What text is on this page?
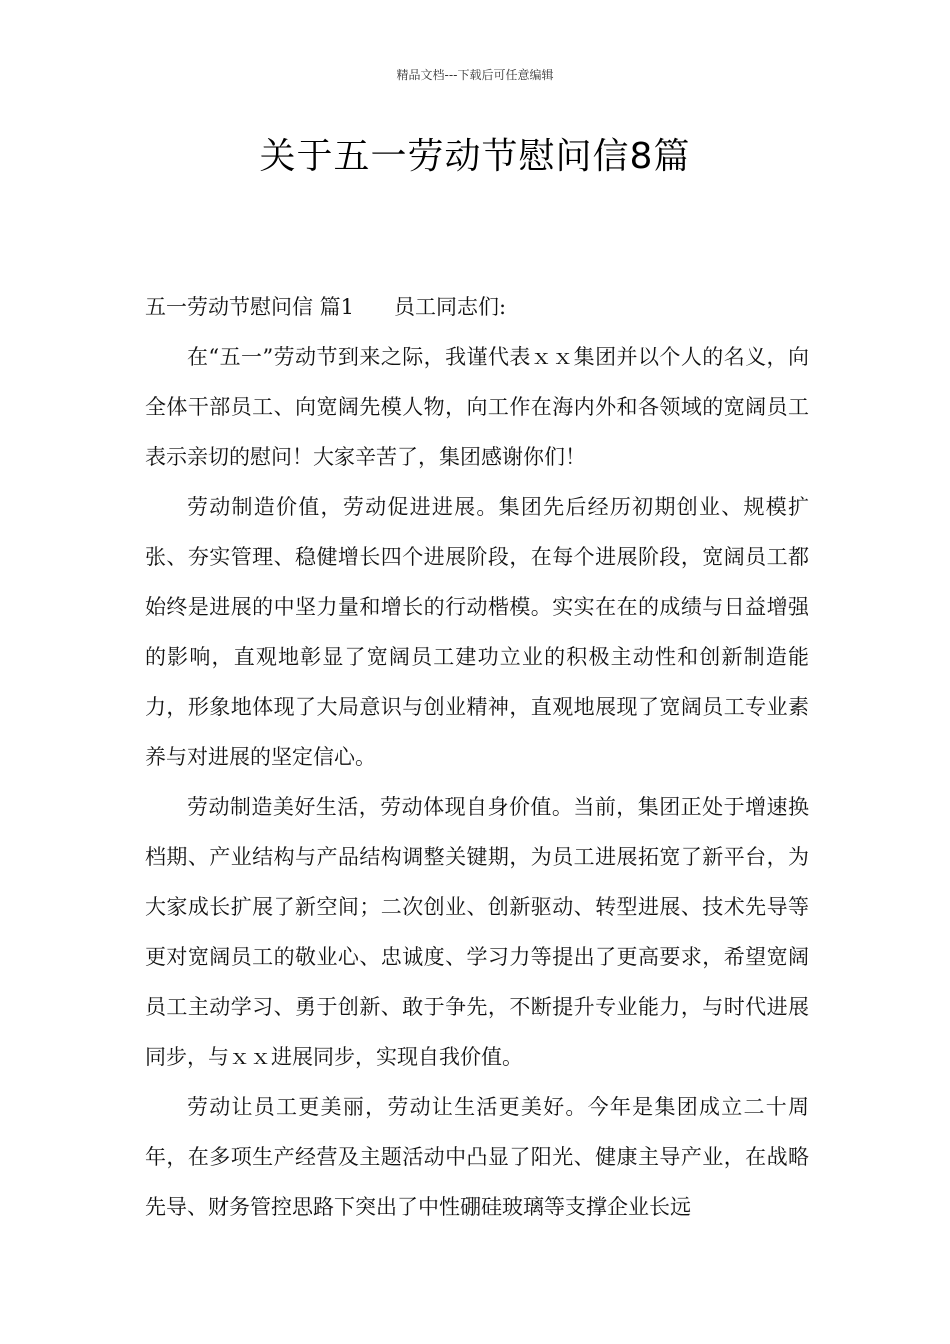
精品文档---下载后可任意编辑
关于五一劳动节慰问信8篇
五一劳动节慰问信 篇1 员工同志们:

在“五一”劳动节到来之际，我谨代表ｘｘ集团并以个人的名义，向全体干部员工、向宽阔先模人物，向工作在海内外和各领域的宽阔员工表示亲切的慰问！大家辛苦了，集团感谢你们！

劳动制造价值，劳动促进进展。集团先后经历初期创业、规模扩张、夯实管理、稳健增长四个进展阶段，在每个进展阶段，宽阔员工都始终是进展的中坚力量和增长的行动楷模。实实在在的成绩与日益增强的影响，直观地彰显了宽阔员工建功立业的积极主动性和创新制造能力，形象地体现了大局意识与创业精神，直观地展现了宽阔员工专业素养与对进展的坚定信心。

劳动制造美好生活，劳动体现自身价值。当前，集团正处于增速换档期、产业结构与产品结构调整关键期，为员工进展拓宽了新平台，为大家成长扩展了新空间；二次创业、创新驱动、转型进展、技术先导等更对宽阔员工的敬业心、忠诚度、学习力等提出了更高要求，希望宽阔员工主动学习、勇于创新、敢于争先，不断提升专业能力，与时代进展同步，与ｘｘ进展同步，实现自我价值。

劳动让员工更美丽，劳动让生活更美好。今年是集团成立二十周年，在多项生产经营及主题活动中凸显了阳光、健康主导产业，在战略先导、财务管控思路下突出了中性硼硅玻璃等支撑企业长远
